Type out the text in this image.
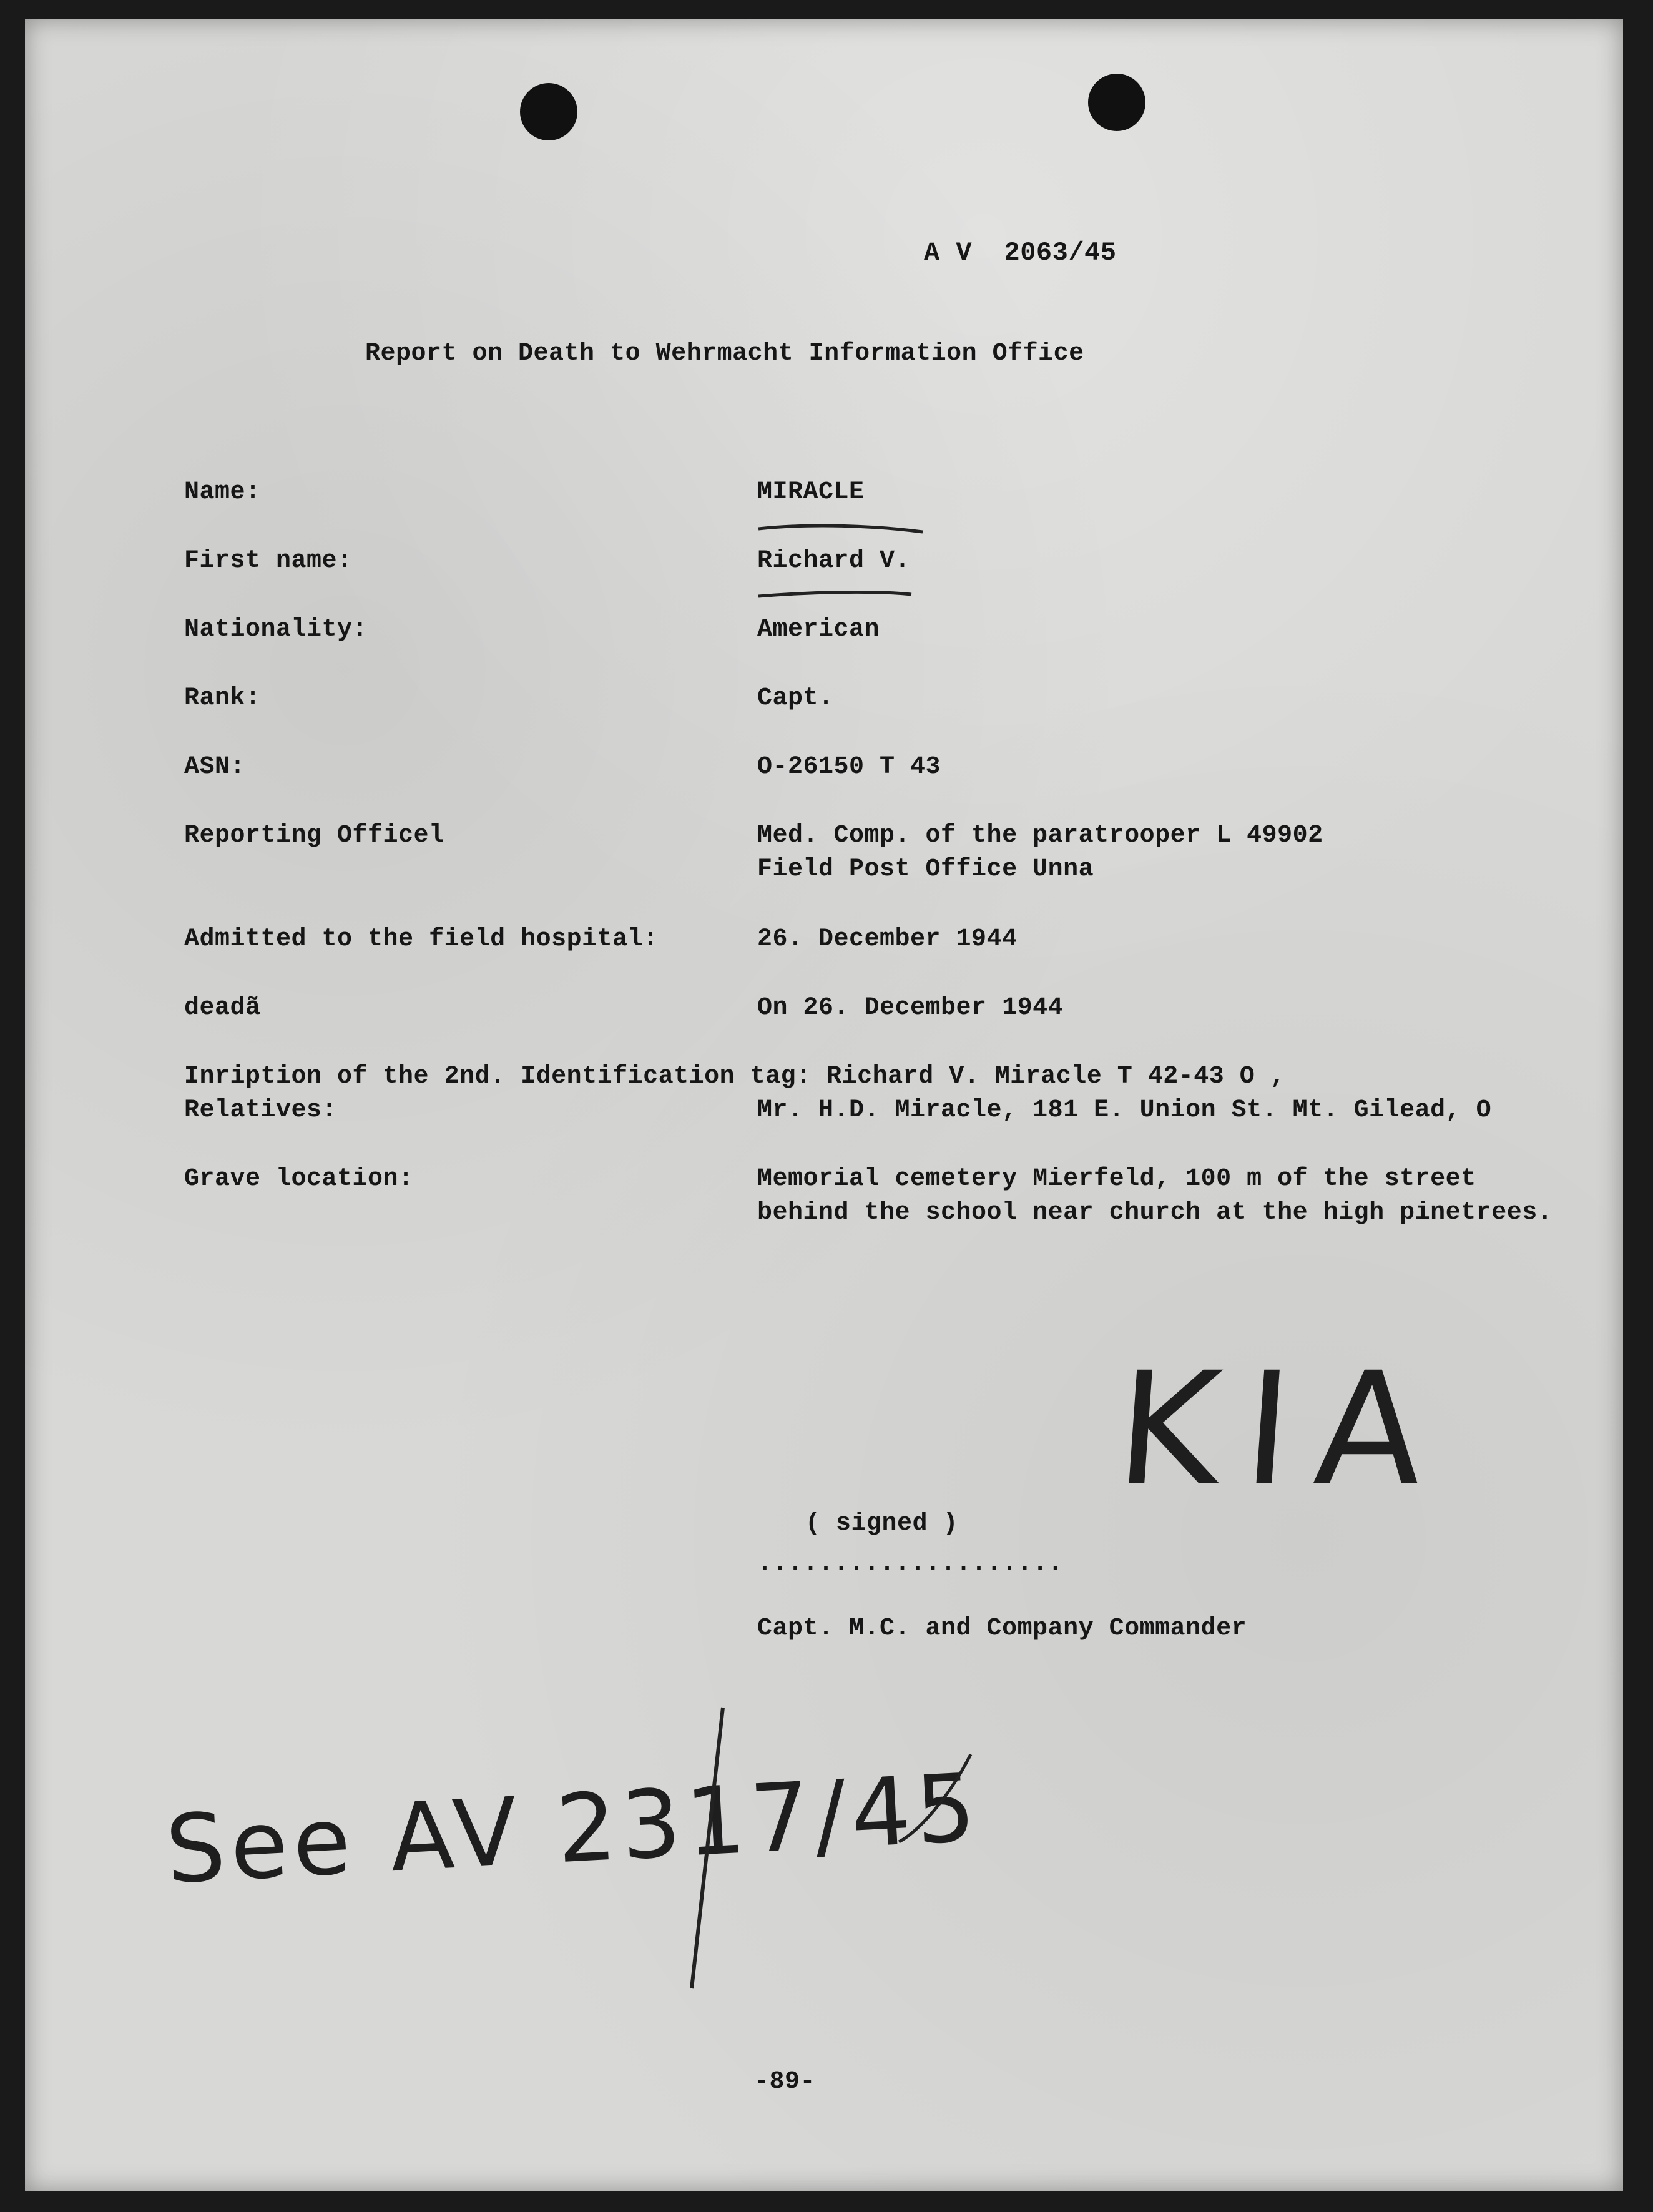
A V  2063/45
Report on Death to Wehrmacht Information Office
Name:	MIRACLE
First name:	Richard V.
Nationality:	American
Rank:	Capt.
ASN:	O-26150 T 43
Reporting Officel	Med. Comp. of the paratrooper L 49902
Field Post Office Unna
Admitted to the field hospital:	26. December 1944
deadã	On 26. December 1944
Inription of the 2nd. Identification tag: Richard V. Miracle T 42-43 O ,
Relatives:	Mr. H.D. Miracle, 181 E. Union St. Mt. Gilead, O
Grave location:	Memorial cemetery Mierfeld, 100 m of the street
behind the school near church at the high pinetrees.
( signed )
....................
Capt. M.C. and Company Commander
KIA
See AV 2317/45
-89-
